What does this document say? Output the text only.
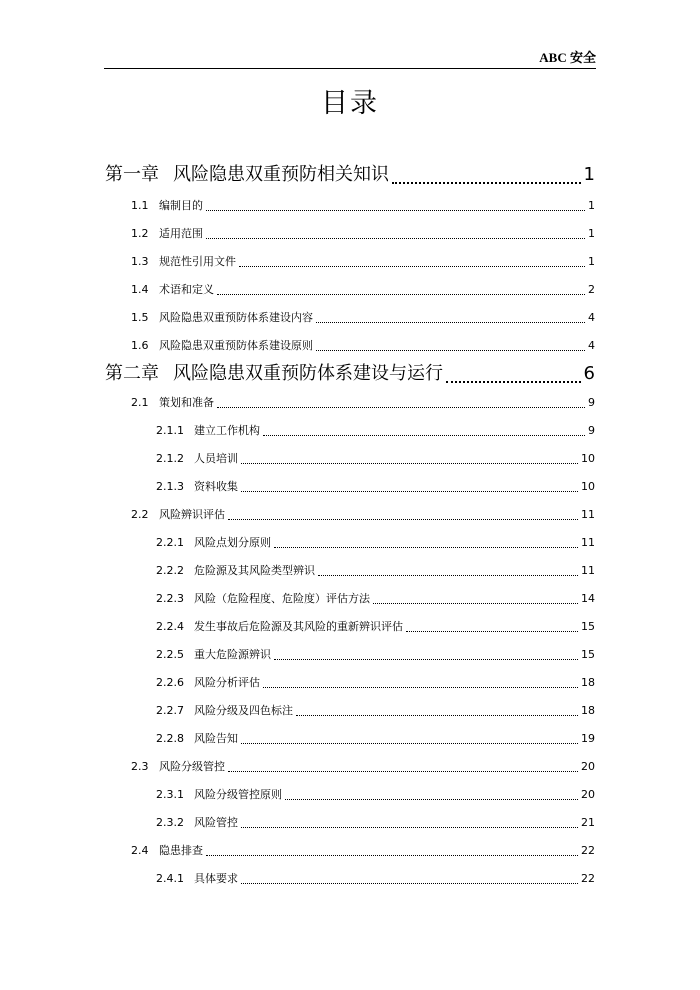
ABC 安全
目录
第一章 风险隐患双重预防相关知识	1
1.1 编制目的	1
1.2 适用范围	1
1.3 规范性引用文件	1
1.4 术语和定义	2
1.5 风险隐患双重预防体系建设内容	4
1.6 风险隐患双重预防体系建设原则	4
第二章 风险隐患双重预防体系建设与运行	6
2.1 策划和准备	9
2.1.1 建立工作机构	9
2.1.2 人员培训	10
2.1.3 资料收集	10
2.2 风险辨识评估	11
2.2.1 风险点划分原则	11
2.2.2 危险源及其风险类型辨识	11
2.2.3 风险（危险程度、危险度）评估方法	14
2.2.4 发生事故后危险源及其风险的重新辨识评估	15
2.2.5 重大危险源辨识	15
2.2.6 风险分析评估	18
2.2.7 风险分级及四色标注	18
2.2.8 风险告知	19
2.3 风险分级管控	20
2.3.1 风险分级管控原则	20
2.3.2 风险管控	21
2.4 隐患排查	22
2.4.1 具体要求	22
